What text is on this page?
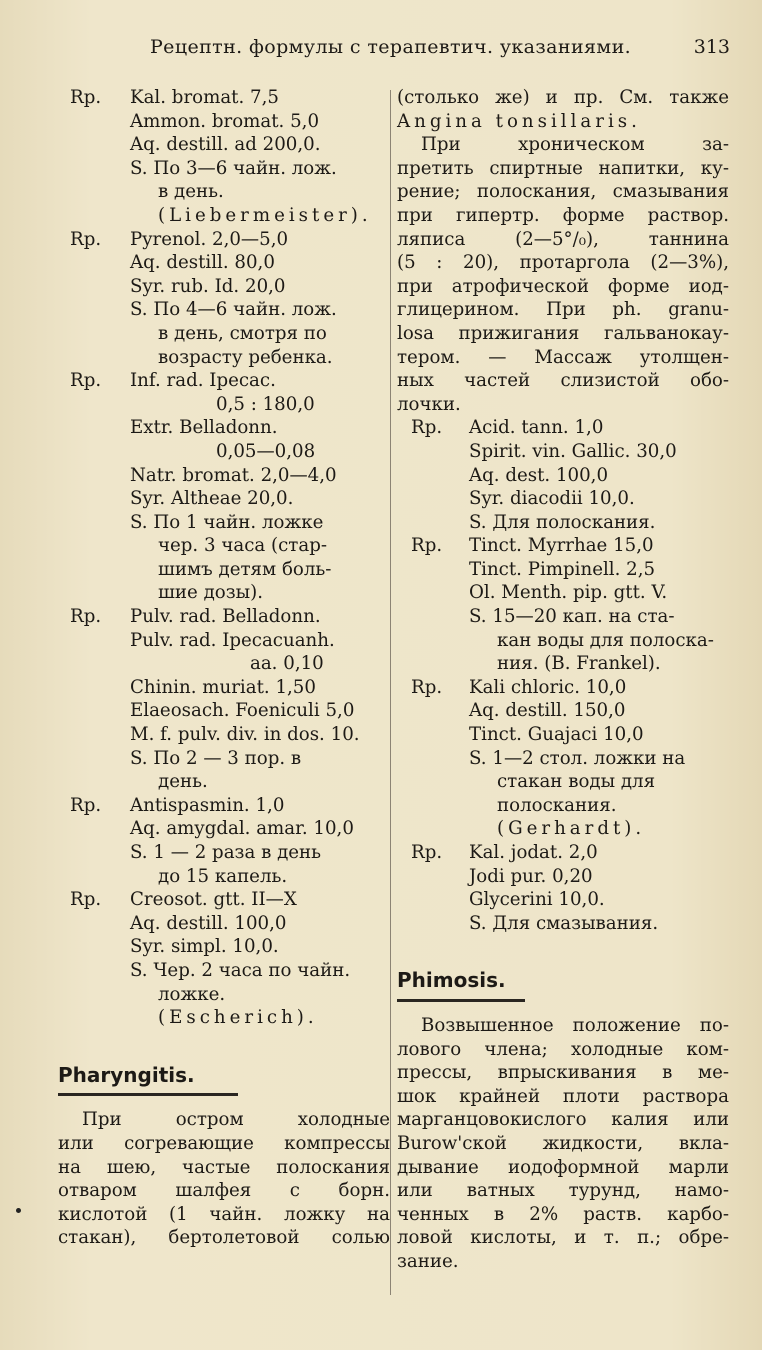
Рецептн. формулы с терапевтич. указаниями.	313
Rp. Kal. bromat. 7,5
Ammon. bromat. 5,0
Aq. destill. ad 200,0.
S. По 3—6 чайн. лож.
в день.
(Liebermeister).
Rp. Pyrenol. 2,0—5,0
Aq. destill. 80,0
Syr. rub. Id. 20,0
S. По 4—6 чайн. лож.
в день, смотря по
возрасту ребенка.
Rp. Inf. rad. Ipecac.
0,5 : 180,0
Extr. Belladonn.
0,05—0,08
Natr. bromat. 2,0—4,0
Syr. Altheae 20,0.
S. По 1 чайн. ложке
чер. 3 часа (стар-
шимъ детям боль-
шие дозы).
Rp. Pulv. rad. Belladonn.
Pulv. rad. Ipecacuanh.
aa. 0,10
Chinin. muriat. 1,50
Elaeosach. Foeniculi 5,0
M. f. pulv. div. in dos. 10.
S. По 2 — 3 пор. в
день.
Rp. Antispasmin. 1,0
Aq. amygdal. amar. 10,0
S. 1 — 2 раза в день
до 15 капель.
Rp. Creosot. gtt. II—X
Aq. destill. 100,0
Syr. simpl. 10,0.
S. Чер. 2 часа по чайн.
ложке.
(Escherich).
Pharyngitis.
При остром холодные
или согревающие компрессы
на шею, частые полоскания
отваром шалфея с борн.
кислотой (1 чайн. ложку на
стакан), бертолетовой солью
(столько же) и пр. См. также
Angina tonsillaris.
При хроническом за-
претить спиртные напитки, ку-
рение; полоскания, смазывания
при гипертр. форме раствор.
ляписа (2—5°/₀), таннина
(5 : 20), протаргола (2—3%),
при атрофической форме иод-
глицерином. При ph. granu-
losa прижигания гальванокау-
тером. — Массаж утолщен-
ных частей слизистой обо-
лочки.
Rp. Acid. tann. 1,0
Spirit. vin. Gallic. 30,0
Aq. dest. 100,0
Syr. diacodii 10,0.
S. Для полоскания.
Rp. Tinct. Myrrhae 15,0
Tinct. Pimpinell. 2,5
Ol. Menth. pip. gtt. V.
S. 15—20 кап. на ста-
кан воды для полоска-
ния. (B. Frankel).
Rp. Kali chloric. 10,0
Aq. destill. 150,0
Tinct. Guajaci 10,0
S. 1—2 стол. ложки на
стакан воды для
полоскания.
(Gerhardt).
Rp. Kal. jodat. 2,0
Jodi pur. 0,20
Glycerini 10,0.
S. Для смазывания.
Phimosis.
Возвышенное положение по-
лового члена; холодные ком-
прессы, впрыскивания в ме-
шок крайней плоти раствора
марганцовокислого калия или
Burow'ской жидкости, вкла-
дывание иодоформной марли
или ватных турунд, намо-
ченных в 2% раств. карбо-
ловой кислоты, и т. п.; обре-
зание.
